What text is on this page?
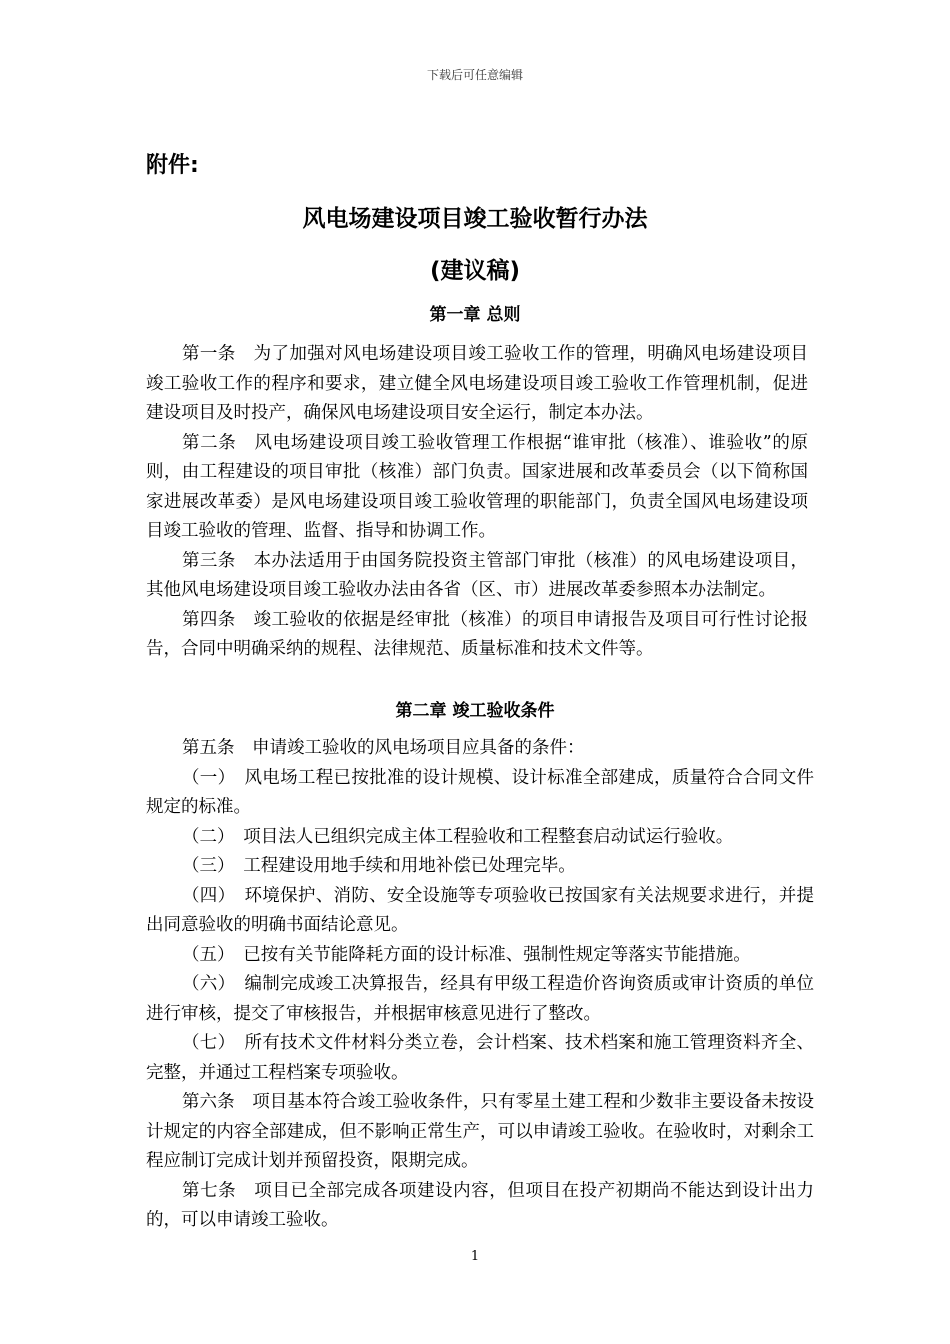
下载后可任意编辑
附件:
风电场建设项目竣工验收暂行办法
(建议稿)
第一章 总则

第一条　为了加强对风电场建设项目竣工验收工作的管理，明确风电场建设项目竣工验收工作的程序和要求，建立健全风电场建设项目竣工验收工作管理机制，促进建设项目及时投产，确保风电场建设项目安全运行，制定本办法。

第二条　风电场建设项目竣工验收管理工作根据“谁审批（核准）、谁验收”的原则，由工程建设的项目审批（核准）部门负责。国家进展和改革委员会（以下简称国家进展改革委）是风电场建设项目竣工验收管理的职能部门，负责全国风电场建设项目竣工验收的管理、监督、指导和协调工作。

第三条　本办法适用于由国务院投资主管部门审批（核准）的风电场建设项目，其他风电场建设项目竣工验收办法由各省（区、市）进展改革委参照本办法制定。

第四条　竣工验收的依据是经审批（核准）的项目申请报告及项目可行性讨论报告，合同中明确采纳的规程、法律规范、质量标准和技术文件等。

第二章 竣工验收条件

第五条　申请竣工验收的风电场项目应具备的条件：

（一）　风电场工程已按批准的设计规模、设计标准全部建成，质量符合合同文件规定的标准。

（二）　项目法人已组织完成主体工程验收和工程整套启动试运行验收。

（三）　工程建设用地手续和用地补偿已处理完毕。

（四）　环境保护、消防、安全设施等专项验收已按国家有关法规要求进行，并提出同意验收的明确书面结论意见。

（五）　已按有关节能降耗方面的设计标准、强制性规定等落实节能措施。

（六）　编制完成竣工决算报告，经具有甲级工程造价咨询资质或审计资质的单位进行审核，提交了审核报告，并根据审核意见进行了整改。

（七）　所有技术文件材料分类立卷，会计档案、技术档案和施工管理资料齐全、完整，并通过工程档案专项验收。

第六条　项目基本符合竣工验收条件，只有零星土建工程和少数非主要设备未按设计规定的内容全部建成，但不影响正常生产，可以申请竣工验收。在验收时，对剩余工程应制订完成计划并预留投资，限期完成。

第七条　项目已全部完成各项建设内容，但项目在投产初期尚不能达到设计出力的，可以申请竣工验收。

1
